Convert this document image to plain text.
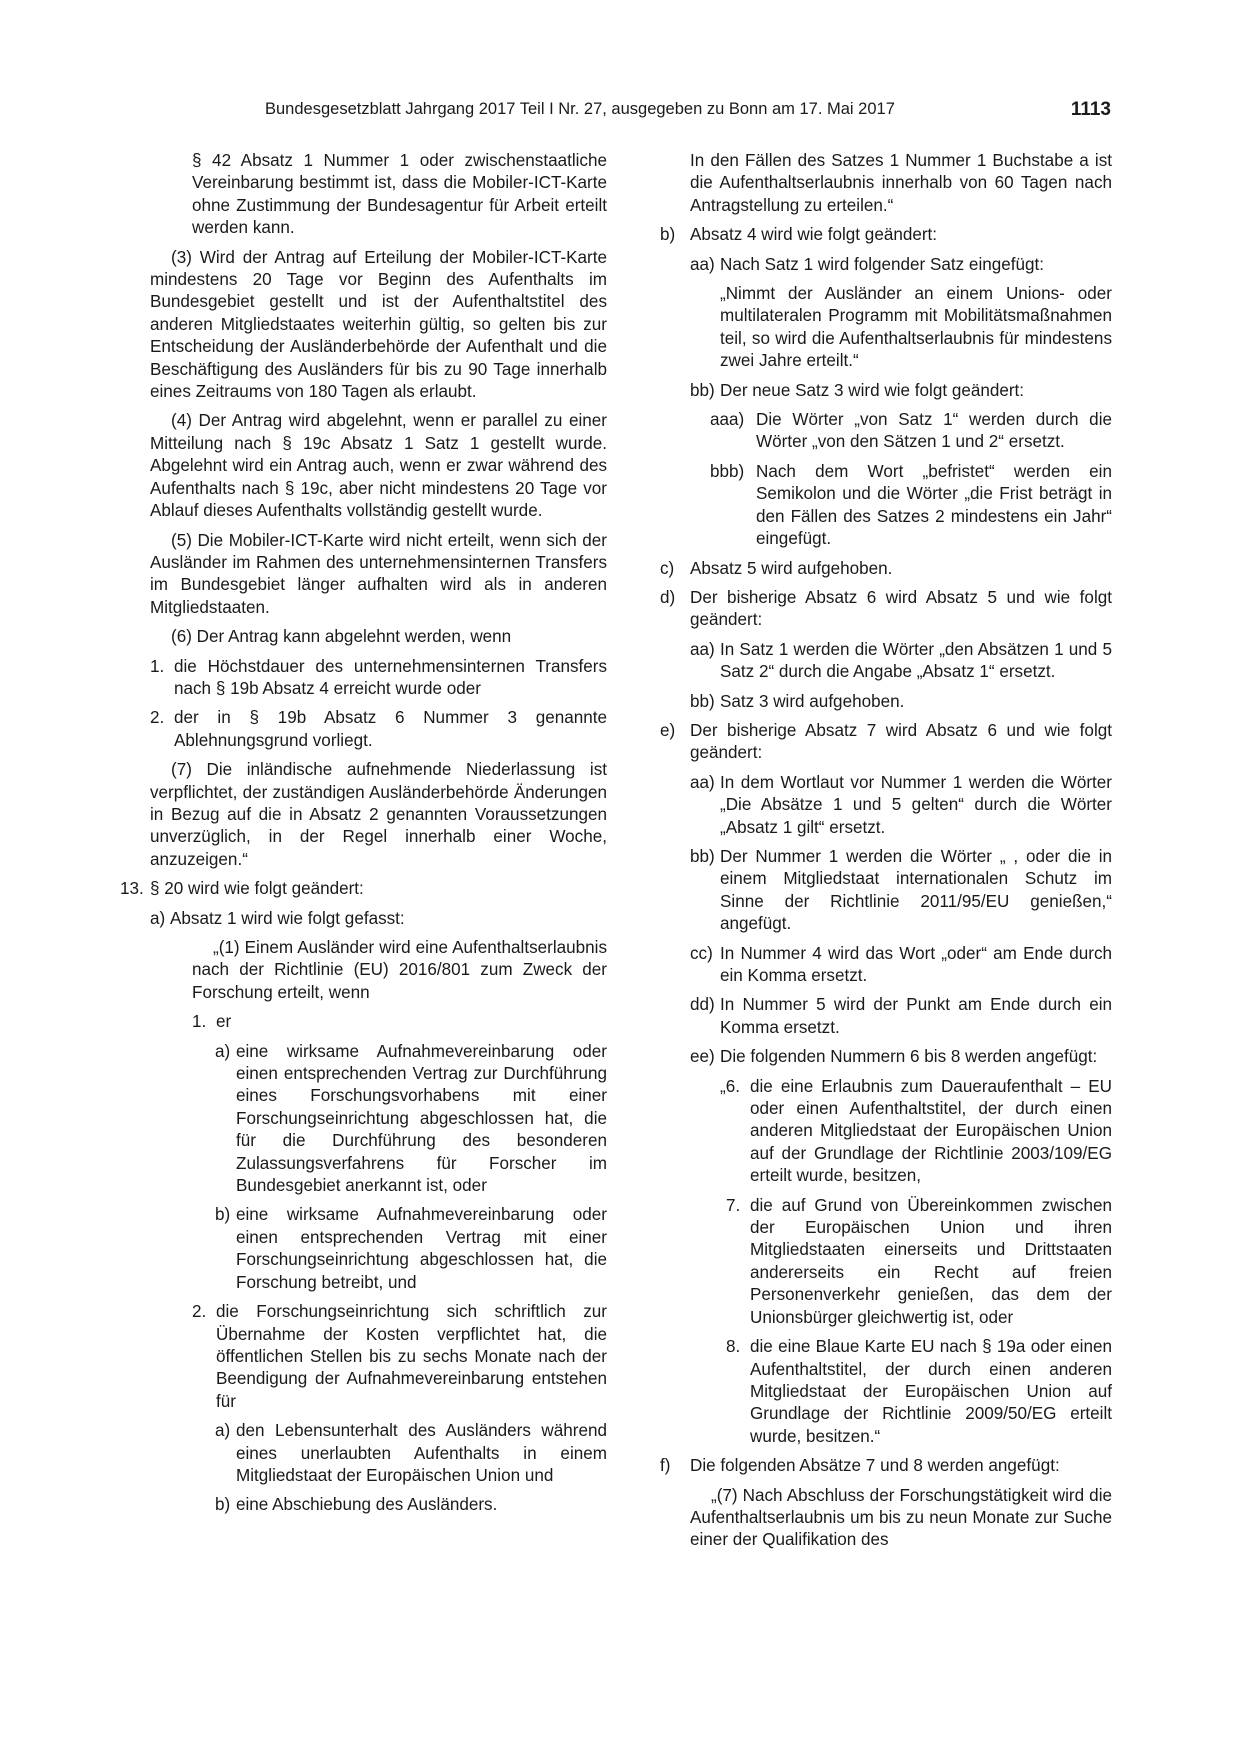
Bundesgesetzblatt Jahrgang 2017 Teil I Nr. 27, ausgegeben zu Bonn am 17. Mai 2017	1113
§ 42 Absatz 1 Nummer 1 oder zwischenstaatliche Vereinbarung bestimmt ist, dass die Mobiler-ICT-Karte ohne Zustimmung der Bundesagentur für Arbeit erteilt werden kann.
(3) Wird der Antrag auf Erteilung der Mobiler-ICT-Karte mindestens 20 Tage vor Beginn des Aufenthalts im Bundesgebiet gestellt und ist der Aufenthaltstitel des anderen Mitgliedstaates weiterhin gültig, so gelten bis zur Entscheidung der Ausländerbehörde der Aufenthalt und die Beschäftigung des Ausländers für bis zu 90 Tage innerhalb eines Zeitraums von 180 Tagen als erlaubt.
(4) Der Antrag wird abgelehnt, wenn er parallel zu einer Mitteilung nach § 19c Absatz 1 Satz 1 gestellt wurde. Abgelehnt wird ein Antrag auch, wenn er zwar während des Aufenthalts nach § 19c, aber nicht mindestens 20 Tage vor Ablauf dieses Aufenthalts vollständig gestellt wurde.
(5) Die Mobiler-ICT-Karte wird nicht erteilt, wenn sich der Ausländer im Rahmen des unternehmensinternen Transfers im Bundesgebiet länger aufhalten wird als in anderen Mitgliedstaaten.
(6) Der Antrag kann abgelehnt werden, wenn
1. die Höchstdauer des unternehmensinternen Transfers nach § 19b Absatz 4 erreicht wurde oder
2. der in § 19b Absatz 6 Nummer 3 genannte Ablehnungsgrund vorliegt.
(7) Die inländische aufnehmende Niederlassung ist verpflichtet, der zuständigen Ausländerbehörde Änderungen in Bezug auf die in Absatz 2 genannten Voraussetzungen unverzüglich, in der Regel innerhalb einer Woche, anzuzeigen.“
13. § 20 wird wie folgt geändert:
a) Absatz 1 wird wie folgt gefasst:
„(1) Einem Ausländer wird eine Aufenthaltserlaubnis nach der Richtlinie (EU) 2016/801 zum Zweck der Forschung erteilt, wenn
1. er
a) eine wirksame Aufnahmevereinbarung oder einen entsprechenden Vertrag zur Durchführung eines Forschungsvorhabens mit einer Forschungseinrichtung abgeschlossen hat, die für die Durchführung des besonderen Zulassungsverfahrens für Forscher im Bundesgebiet anerkannt ist, oder
b) eine wirksame Aufnahmevereinbarung oder einen entsprechenden Vertrag mit einer Forschungseinrichtung abgeschlossen hat, die Forschung betreibt, und
2. die Forschungseinrichtung sich schriftlich zur Übernahme der Kosten verpflichtet hat, die öffentlichen Stellen bis zu sechs Monate nach der Beendigung der Aufnahmevereinbarung entstehen für
a) den Lebensunterhalt des Ausländers während eines unerlaubten Aufenthalts in einem Mitgliedstaat der Europäischen Union und
b) eine Abschiebung des Ausländers.
In den Fällen des Satzes 1 Nummer 1 Buchstabe a ist die Aufenthaltserlaubnis innerhalb von 60 Tagen nach Antragstellung zu erteilen.“
b) Absatz 4 wird wie folgt geändert:
aa) Nach Satz 1 wird folgender Satz eingefügt:
„Nimmt der Ausländer an einem Unions- oder multilateralen Programm mit Mobilitätsmaßnahmen teil, so wird die Aufenthaltserlaubnis für mindestens zwei Jahre erteilt.“
bb) Der neue Satz 3 wird wie folgt geändert:
aaa) Die Wörter „von Satz 1“ werden durch die Wörter „von den Sätzen 1 und 2“ ersetzt.
bbb) Nach dem Wort „befristet“ werden ein Semikolon und die Wörter „die Frist beträgt in den Fällen des Satzes 2 mindestens ein Jahr“ eingefügt.
c) Absatz 5 wird aufgehoben.
d) Der bisherige Absatz 6 wird Absatz 5 und wie folgt geändert:
aa) In Satz 1 werden die Wörter „den Absätzen 1 und 5 Satz 2“ durch die Angabe „Absatz 1“ ersetzt.
bb) Satz 3 wird aufgehoben.
e) Der bisherige Absatz 7 wird Absatz 6 und wie folgt geändert:
aa) In dem Wortlaut vor Nummer 1 werden die Wörter „Die Absätze 1 und 5 gelten“ durch die Wörter „Absatz 1 gilt“ ersetzt.
bb) Der Nummer 1 werden die Wörter „ , oder die in einem Mitgliedstaat internationalen Schutz im Sinne der Richtlinie 2011/95/EU genießen,“ angefügt.
cc) In Nummer 4 wird das Wort „oder“ am Ende durch ein Komma ersetzt.
dd) In Nummer 5 wird der Punkt am Ende durch ein Komma ersetzt.
ee) Die folgenden Nummern 6 bis 8 werden angefügt:
„6. die eine Erlaubnis zum Daueraufenthalt – EU oder einen Aufenthaltstitel, der durch einen anderen Mitgliedstaat der Europäischen Union auf der Grundlage der Richtlinie 2003/109/EG erteilt wurde, besitzen,
7. die auf Grund von Übereinkommen zwischen der Europäischen Union und ihren Mitgliedstaaten einerseits und Drittstaaten andererseits ein Recht auf freien Personenverkehr genießen, das dem der Unionsbürger gleichwertig ist, oder
8. die eine Blaue Karte EU nach § 19a oder einen Aufenthaltstitel, der durch einen anderen Mitgliedstaat der Europäischen Union auf Grundlage der Richtlinie 2009/50/EG erteilt wurde, besitzen.“
f) Die folgenden Absätze 7 und 8 werden angefügt:
„(7) Nach Abschluss der Forschungstätigkeit wird die Aufenthaltserlaubnis um bis zu neun Monate zur Suche einer der Qualifikation des
